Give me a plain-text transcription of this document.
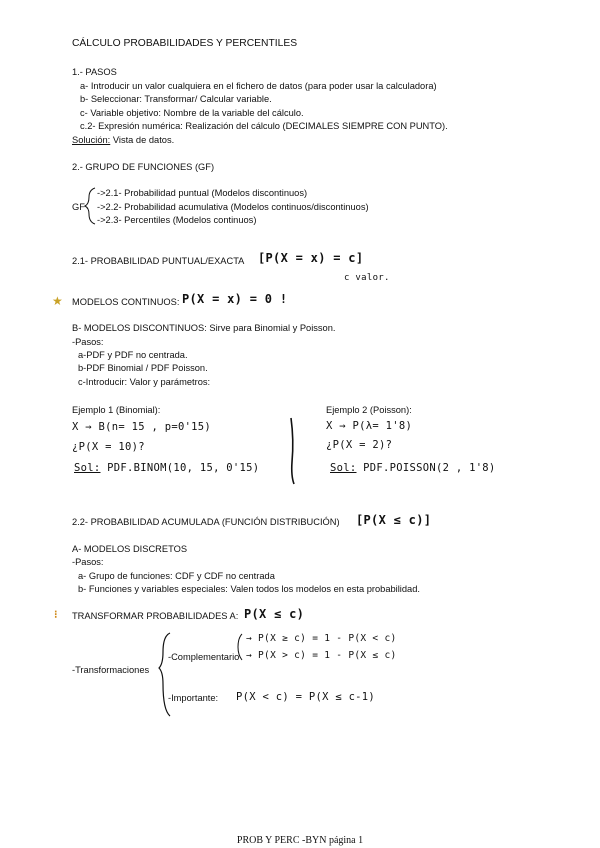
CÁLCULO PROBABILIDADES Y PERCENTILES
1.- PASOS
a- Introducir un valor cualquiera en el fichero de datos (para poder usar la calculadora)
b- Seleccionar: Transformar/ Calcular variable.
c- Variable objetivo: Nombre de la variable del cálculo.
c.2- Expresión numérica: Realización del cálculo (DECIMALES SIEMPRE CON PUNTO).
Solución: Vista de datos.
2.- GRUPO DE FUNCIONES (GF)
GF
->2.1- Probabilidad puntual (Modelos discontinuos)
->2.2- Probabilidad acumulativa (Modelos continuos/discontinuos)
->2.3- Percentiles (Modelos continuos)
2.1- PROBABILIDAD PUNTUAL/EXACTA [P(X = x) = c]
c valor.
★ MODELOS CONTINUOS: P(X = x) = 0 !
B- MODELOS DISCONTINUOS: Sirve para Binomial y Poisson.
-Pasos:
a-PDF y PDF no centrada.
b-PDF Binomial / PDF Poisson.
c-Introducir: Valor y parámetros:
Ejemplo 1 (Binomial):
X → B(n= 15 , p=0'15)
¿P(X = 10)?
Sol: PDF.BINOM(10, 15, 0'15)
Ejemplo 2 (Poisson):
X → P(λ= 1'8)
¿P(X = 2)?
Sol: PDF.POISSON(2 , 1'8)
2.2- PROBABILIDAD ACUMULADA (FUNCIÓN DISTRIBUCIÓN) [P(X ≤ c)]
A- MODELOS DISCRETOS
-Pasos:
a- Grupo de funciones: CDF y CDF no centrada
b- Funciones y variables especiales: Valen todos los modelos en esta probabilidad.
⁝ TRANSFORMAR PROBABILIDADES A: P(X ≤ c)
-Transformaciones
-Complementario
→ P(X ≥ c) = 1 - P(X < c)
→ P(X > c) = 1 - P(X ≤ c)
-Importante: P(X < c) = P(X ≤ c-1)
PROB Y PERC -BYN página 1
